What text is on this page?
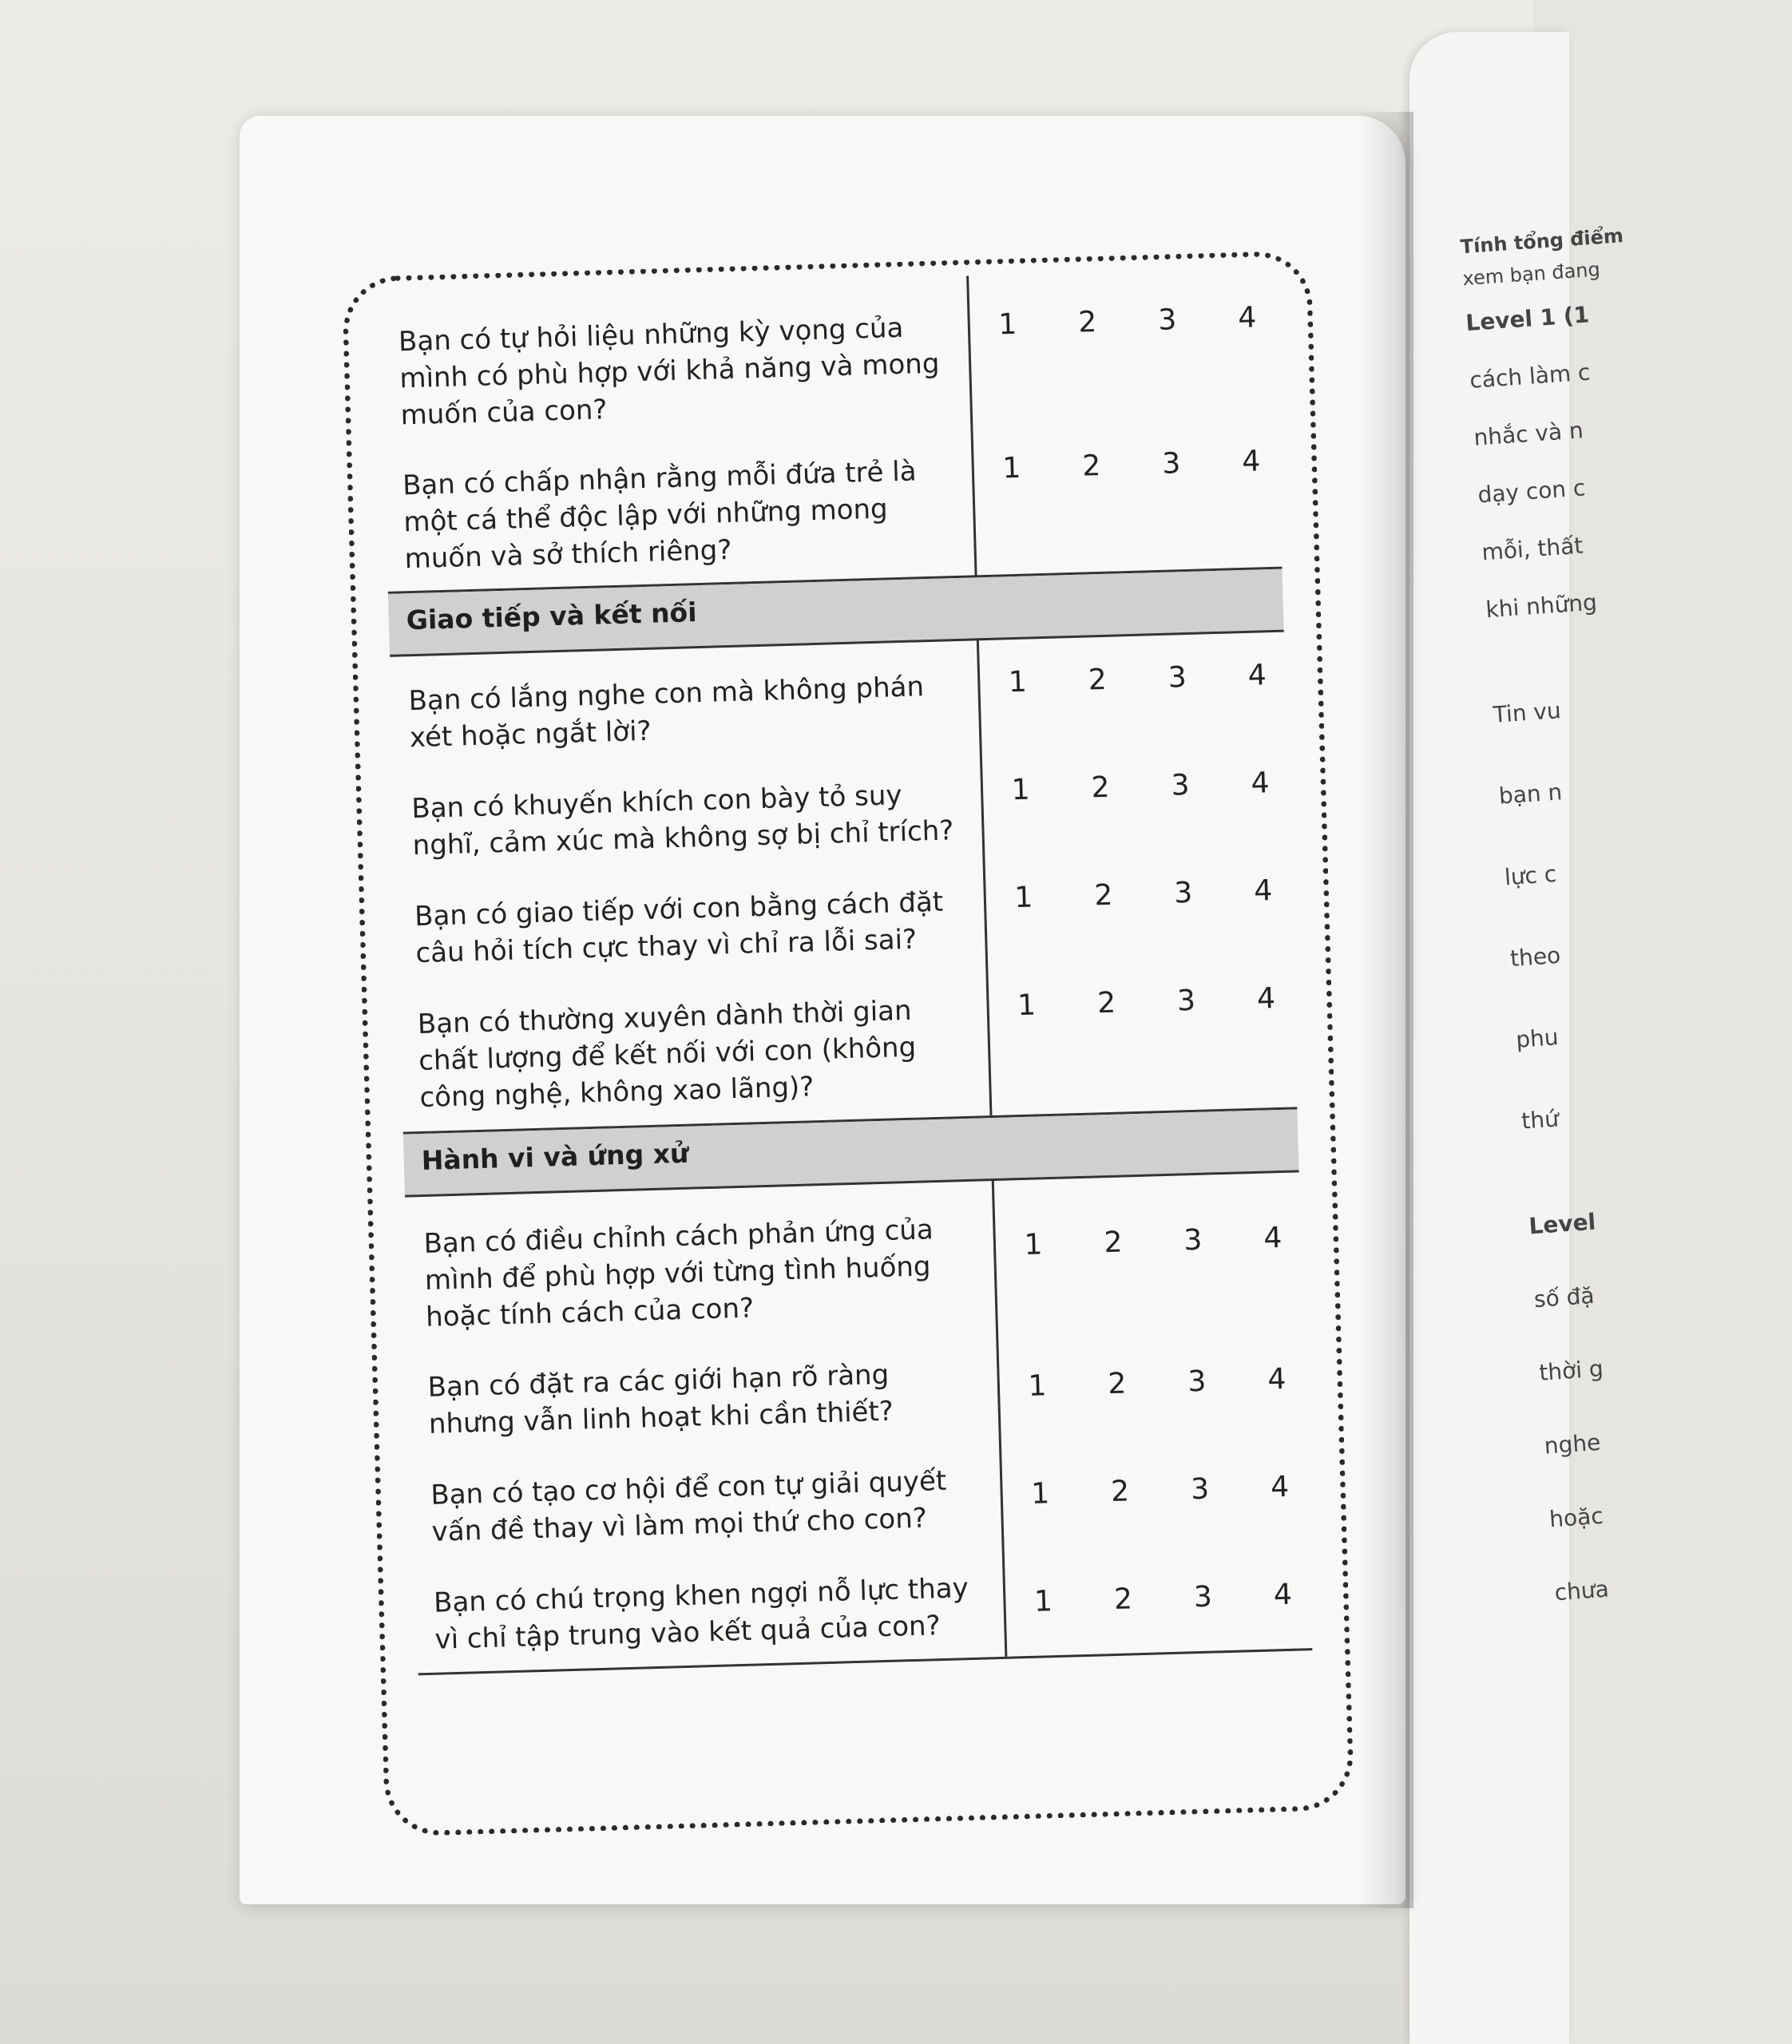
Tính tổng điểm
xem bạn đang
Level 1 (1
cách làm c
nhắc và n
dạy con c
mỗi, thất
khi những
Tin vu
bạn n
lực c
theo
phu
thứ
Level
số đặ
thời g
nghe
hoặc
chưa
Bạn có tự hỏi liệu những kỳ vọng của mình có phù hợp với khả năng và mong muốn của con?
1 2 3 4
Bạn có chấp nhận rằng mỗi đứa trẻ là một cá thể độc lập với những mong muốn và sở thích riêng?
1 2 3 4
Giao tiếp và kết nối
Bạn có lắng nghe con mà không phán xét hoặc ngắt lời?
1 2 3 4
Bạn có khuyến khích con bày tỏ suy nghĩ, cảm xúc mà không sợ bị chỉ trích?
1 2 3 4
Bạn có giao tiếp với con bằng cách đặt câu hỏi tích cực thay vì chỉ ra lỗi sai?
1 2 3 4
Bạn có thường xuyên dành thời gian chất lượng để kết nối với con (không công nghệ, không xao lãng)?
1 2 3 4
Hành vi và ứng xử
Bạn có điều chỉnh cách phản ứng của mình để phù hợp với từng tình huống hoặc tính cách của con?
1 2 3 4
Bạn có đặt ra các giới hạn rõ ràng nhưng vẫn linh hoạt khi cần thiết?
1 2 3 4
Bạn có tạo cơ hội để con tự giải quyết vấn đề thay vì làm mọi thứ cho con?
1 2 3 4
Bạn có chú trọng khen ngợi nỗ lực thay vì chỉ tập trung vào kết quả của con?
1 2 3 4
